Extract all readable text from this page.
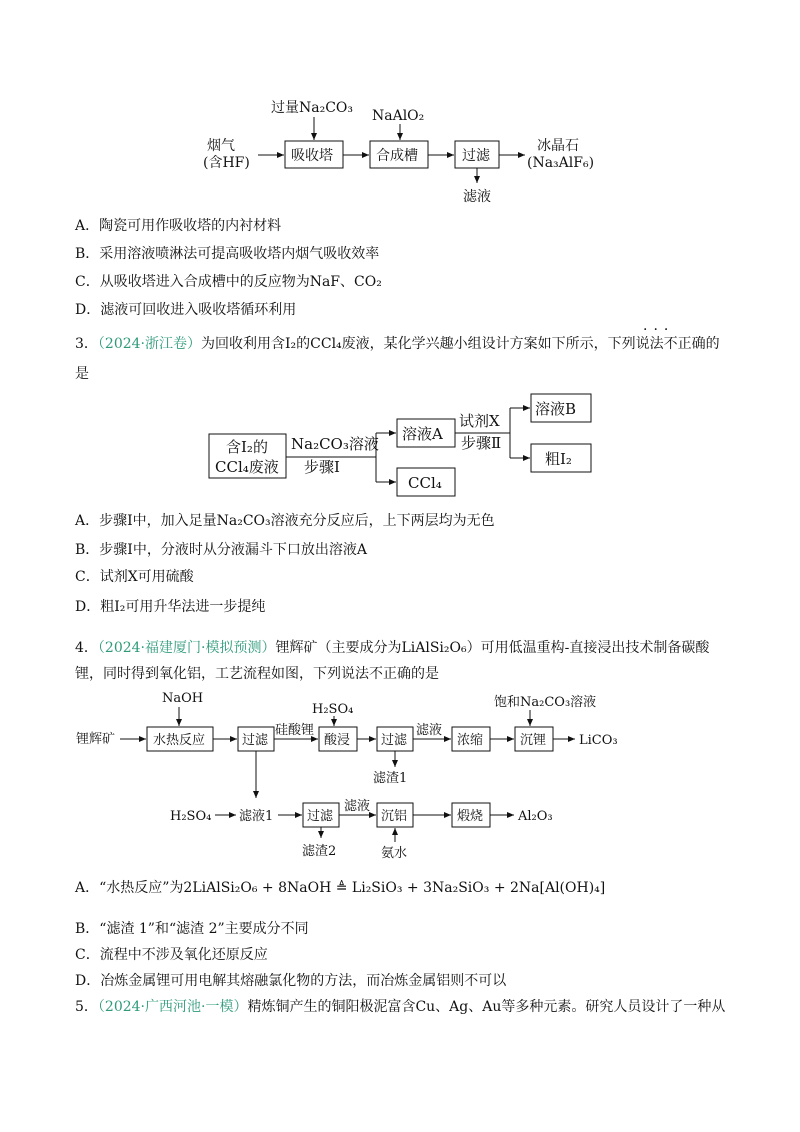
烟气
(含HF)	吸收塔
过量Na₂CO₃
合成槽
NaAlO₂
过滤
冰晶石
(Na₃AlF₆)
滤液
含I₂的
CCl₄废液
Na₂CO₃溶液
步骤Ⅰ
溶液A
CCl₄
试剂X
步骤Ⅱ
溶液B
粗I₂
锂辉矿
NaOH
水热反应	过滤
硅酸锂
H₂SO₄
酸浸 过滤
滤渣1
滤液
浓缩
饱和Na₂CO₃溶液
沉锂	LiCO₃
H₂SO₄ 滤液1	过滤
滤渣2
滤液
沉铝
氨水
煅烧	Al₂O₃
A．陶瓷可用作吸收塔的内衬材料
B．采用溶液喷淋法可提高吸收塔内烟气吸收效率
C．从吸收塔进入合成槽中的反应物为NaF、CO₂
D．滤液可回收进入吸收塔循环利用
3．（2024·浙江卷）为回收利用含I₂的CCl₄废液，某化学兴趣小组设计方案如下所示，下列说法不正确的
···
是
A．步骤Ⅰ中，加入足量Na₂CO₃溶液充分反应后，上下两层均为无色
B．步骤Ⅰ中，分液时从分液漏斗下口放出溶液A
C．试剂X可用硫酸
D．粗I₂可用升华法进一步提纯
4．（2024·福建厦门·模拟预测）锂辉矿（主要成分为LiAlSi₂O₆）可用低温重构-直接浸出技术制备碳酸
锂，同时得到氧化铝，工艺流程如图，下列说法不正确的是
A．“水热反应”为2LiAlSi₂O₆ + 8NaOH ≜ Li₂SiO₃ + 3Na₂SiO₃ + 2Na[Al(OH)₄]
B．“滤渣 1”和“滤渣 2”主要成分不同
C．流程中不涉及氧化还原反应
D．冶炼金属锂可用电解其熔融氯化物的方法，而冶炼金属铝则不可以
5．（2024·广西河池·一模）精炼铜产生的铜阳极泥富含Cu、Ag、Au等多种元素。研究人员设计了一种从
